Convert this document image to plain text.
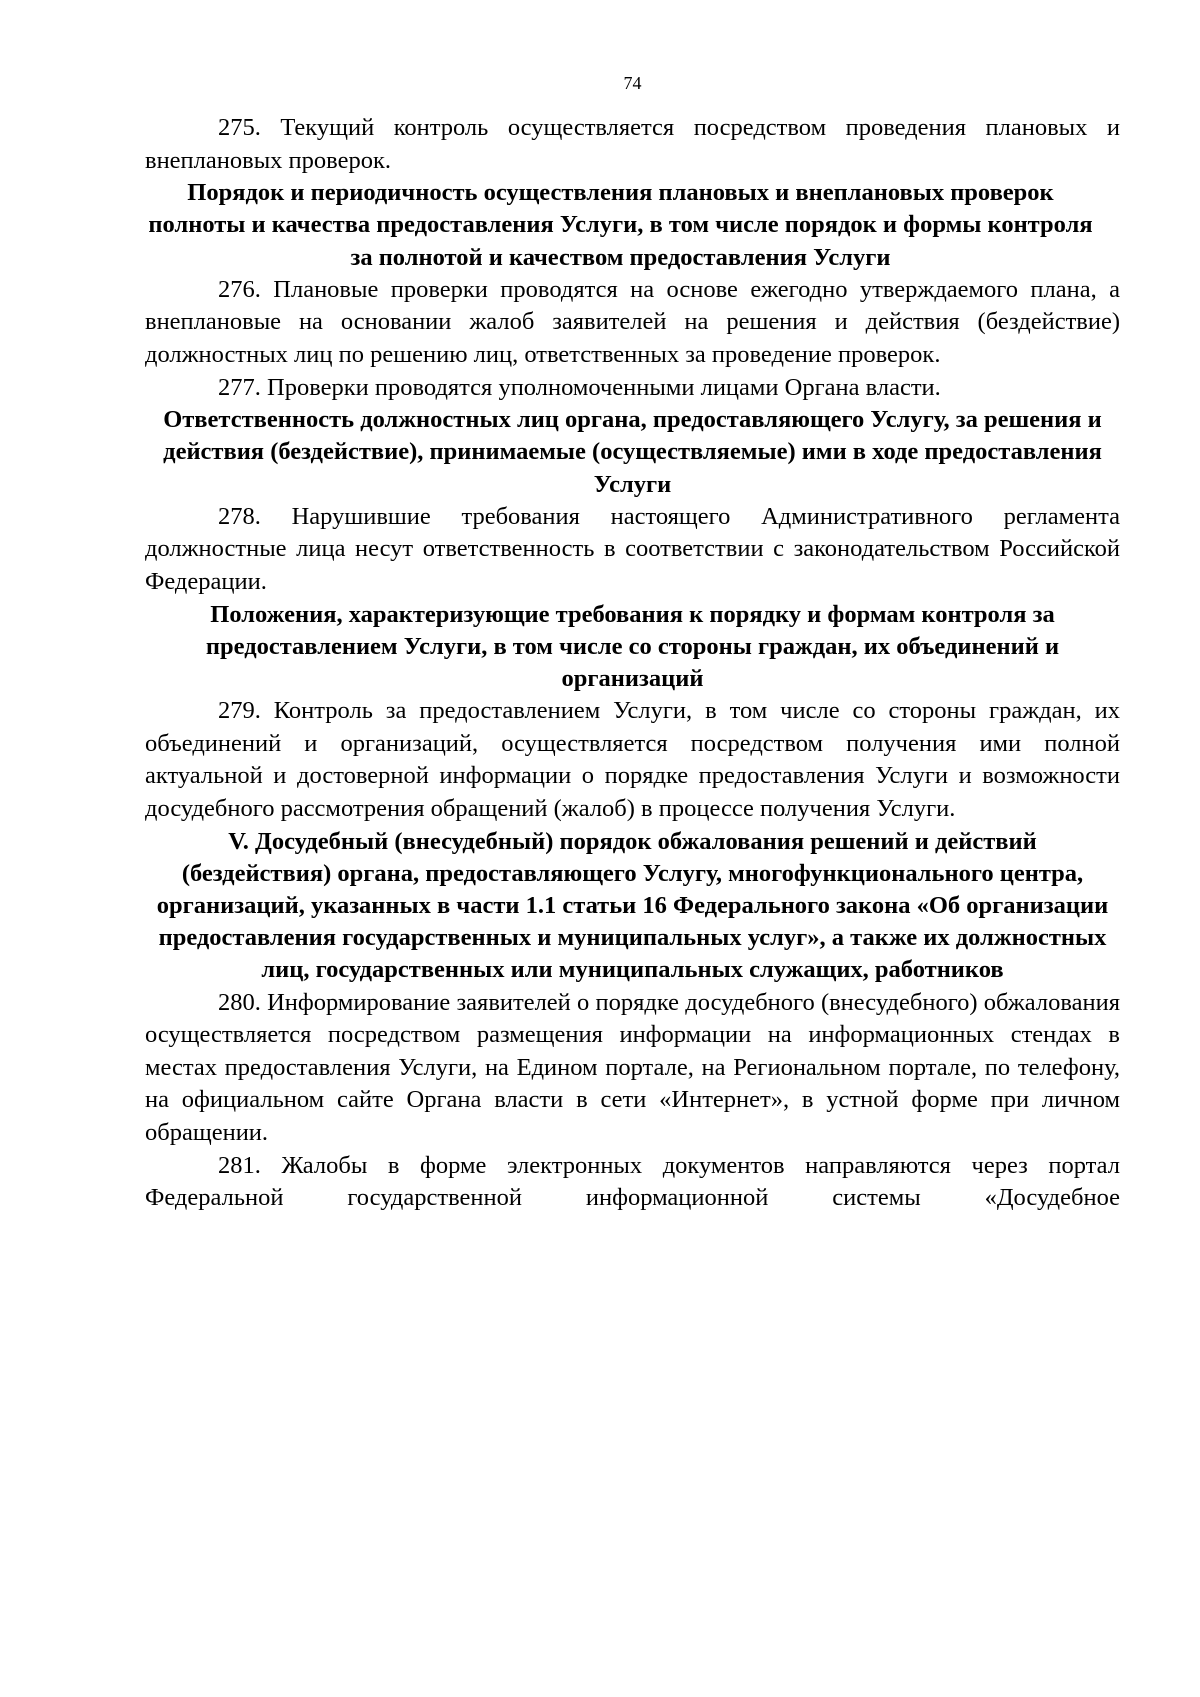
74

275. Текущий контроль осуществляется посредством проведения плановых и внеплановых проверок.

Порядок и периодичность осуществления плановых и внеплановых проверок полноты и качества предоставления Услуги, в том числе порядок и формы контроля за полнотой и качеством предоставления Услуги

276. Плановые проверки проводятся на основе ежегодно утверждаемого плана, а внеплановые на основании жалоб заявителей на решения и действия (бездействие) должностных лиц по решению лиц, ответственных за проведение проверок.

277. Проверки проводятся уполномоченными лицами Органа власти.

Ответственность должностных лиц органа, предоставляющего Услугу, за решения и действия (бездействие), принимаемые (осуществляемые) ими в ходе предоставления Услуги

278. Нарушившие требования настоящего Административного регламента должностные лица несут ответственность в соответствии с законодательством Российской Федерации.

Положения, характеризующие требования к порядку и формам контроля за предоставлением Услуги, в том числе со стороны граждан, их объединений и организаций

279. Контроль за предоставлением Услуги, в том числе со стороны граждан, их объединений и организаций, осуществляется посредством получения ими полной актуальной и достоверной информации о порядке предоставления Услуги и возможности досудебного рассмотрения обращений (жалоб) в процессе получения Услуги.

V. Досудебный (внесудебный) порядок обжалования решений и действий (бездействия) органа, предоставляющего Услугу, многофункционального центра, организаций, указанных в части 1.1 статьи 16 Федерального закона «Об организации предоставления государственных и муниципальных услуг», а также их должностных лиц, государственных или муниципальных служащих, работников

280. Информирование заявителей о порядке досудебного (внесудебного) обжалования осуществляется посредством размещения информации на информационных стендах в местах предоставления Услуги, на Едином портале, на Региональном портале, по телефону, на официальном сайте Органа власти в сети «Интернет», в устной форме при личном обращении.

281. Жалобы в форме электронных документов направляются через портал Федеральной государственной информационной системы «Досудебное
